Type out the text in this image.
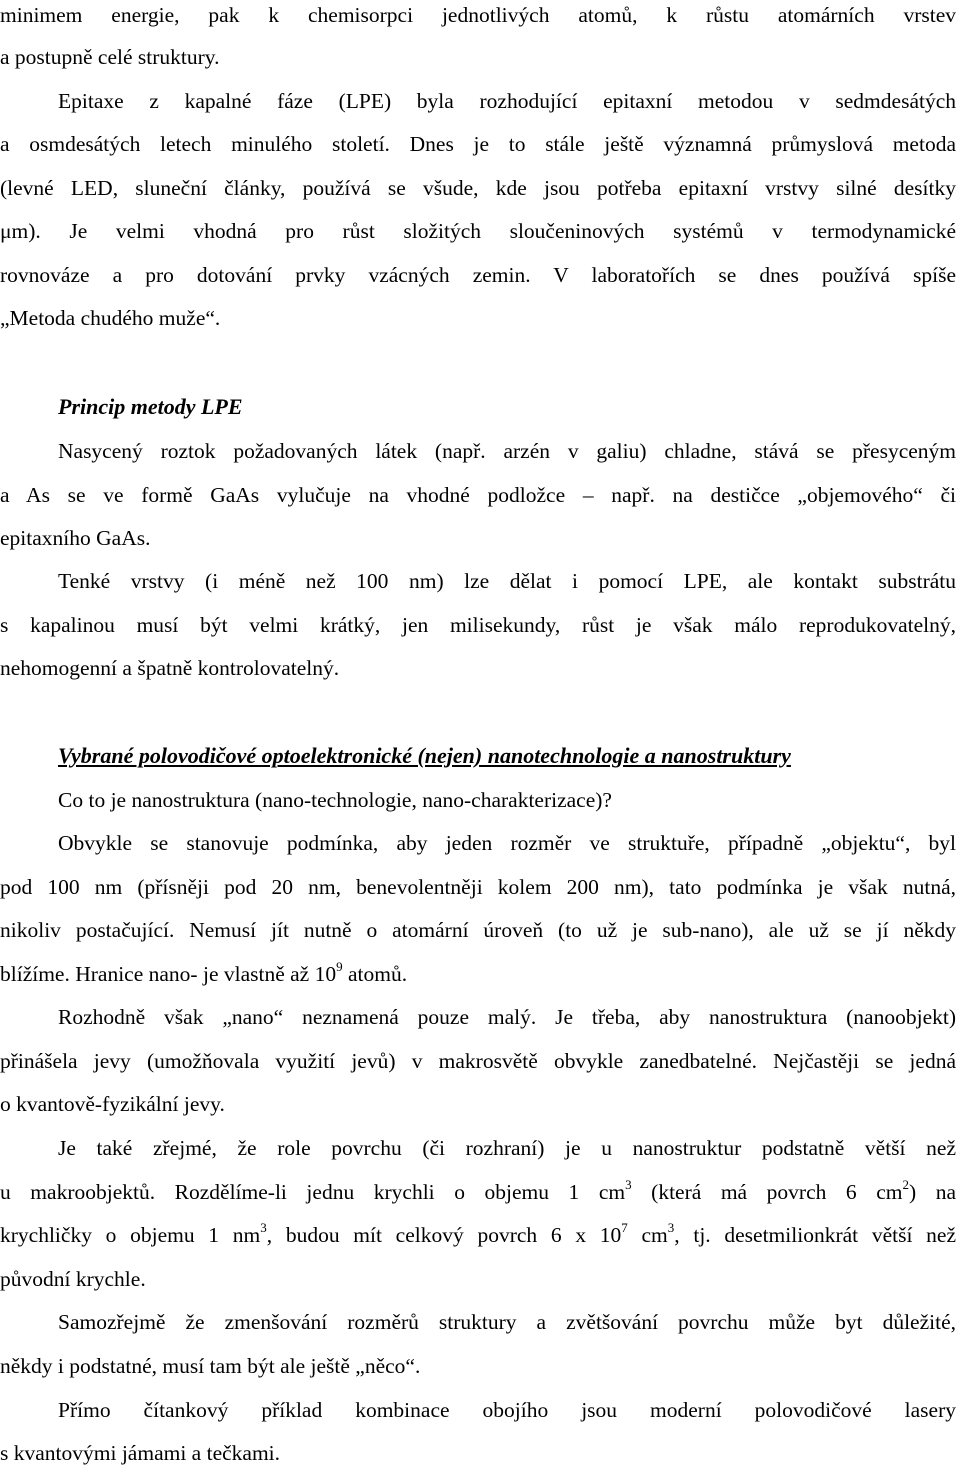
minimem energie, pak k chemisorpci jednotlivých atomů, k růstu atomárních vrstev
a postupně celé struktury.
Epitaxe z kapalné fáze (LPE) byla rozhodující epitaxní metodou v sedmdesátých
a osmdesátých letech minulého století. Dnes je to stále ještě významná průmyslová metoda
(levné LED, sluneční články, používá se všude, kde jsou potřeba epitaxní vrstvy silné desítky
μm). Je velmi vhodná pro růst složitých sloučeninových systémů v termodynamické
rovnováze a pro dotování prvky vzácných zemin. V laboratořích se dnes používá spíše
„Metoda chudého muže“.
Princip metody LPE
Nasycený roztok požadovaných látek (např. arzén v galiu) chladne, stává se přesyceným
a As se ve formě GaAs vylučuje na vhodné podložce – např. na destičce „objemového“ či
epitaxního GaAs.
Tenké vrstvy (i méně než 100 nm) lze dělat i pomocí LPE, ale kontakt substrátu
s kapalinou musí být velmi krátký, jen milisekundy, růst je však málo reprodukovatelný,
nehomogenní a špatně kontrolovatelný.
Vybrané polovodičové optoelektronické (nejen) nanotechnologie a nanostruktury
Co to je nanostruktura (nano-technologie, nano-charakterizace)?
Obvykle se stanovuje podmínka, aby jeden rozměr ve struktuře, případně „objektu“, byl
pod 100 nm (přísněji pod 20 nm, benevolentněji kolem 200 nm), tato podmínka je však nutná,
nikoliv postačující. Nemusí jít nutně o atomární úroveň (to už je sub-nano), ale už se jí někdy
blížíme. Hranice nano- je vlastně až $10^9$ atomů.
Rozhodně však „nano“ neznamená pouze malý. Je třeba, aby nanostruktura (nanoobjekt)
přinášela jevy (umožňovala využití jevů) v makrosvětě obvykle zanedbatelné. Nejčastěji se jedná
o kvantově-fyzikální jevy.
Je také zřejmé, že role povrchu (či rozhraní) je u nanostruktur podstatně větší než
u makroobjektů. Rozdělíme-li jednu krychli o objemu 1 $cm^3$ (která má povrch 6 $cm^2$) na
krychličky o objemu 1 $nm^3$, budou mít celkový povrch 6 x $10^7$ $cm^3$, tj. desetmilionkrát větší než
původní krychle.
Samozřejmě že zmenšování rozměrů struktury a zvětšování povrchu může byt důležité,
někdy i podstatné, musí tam být ale ještě „něco“.
Přímo čítankový příklad kombinace obojího jsou moderní polovodičové lasery
s kvantovými jámami a tečkami.
